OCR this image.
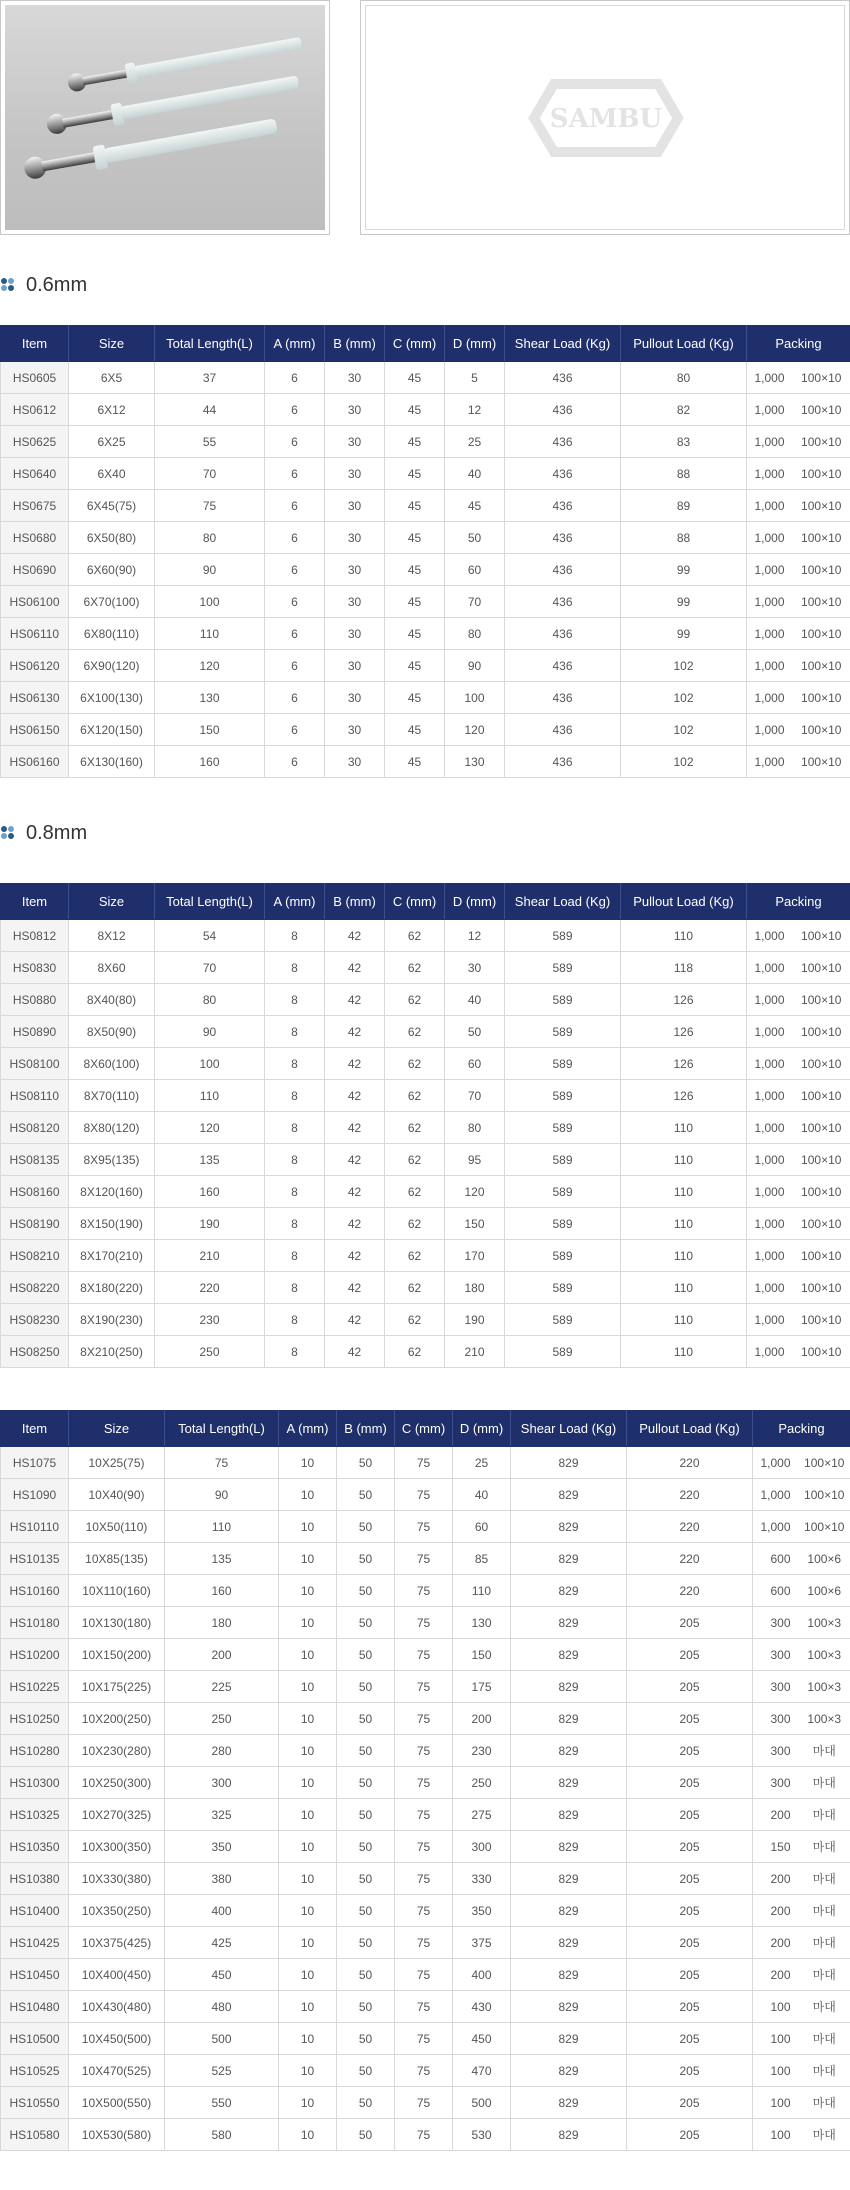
SAMBU
0.6mm
Item	Size	Total Length(L)	A (mm)	B (mm)	C (mm)	D (mm)	Shear Load (Kg)	Pullout Load (Kg)	Packing	
HS0605	6X5	37	6	30	45	5	436	80	1,000	100×10
HS0612	6X12	44	6	30	45	12	436	82	1,000	100×10
HS0625	6X25	55	6	30	45	25	436	83	1,000	100×10
HS0640	6X40	70	6	30	45	40	436	88	1,000	100×10
HS0675	6X45(75)	75	6	30	45	45	436	89	1,000	100×10
HS0680	6X50(80)	80	6	30	45	50	436	88	1,000	100×10
HS0690	6X60(90)	90	6	30	45	60	436	99	1,000	100×10
HS06100	6X70(100)	100	6	30	45	70	436	99	1,000	100×10
HS06110	6X80(110)	110	6	30	45	80	436	99	1,000	100×10
HS06120	6X90(120)	120	6	30	45	90	436	102	1,000	100×10
HS06130	6X100(130)	130	6	30	45	100	436	102	1,000	100×10
HS06150	6X120(150)	150	6	30	45	120	436	102	1,000	100×10
HS06160	6X130(160)	160	6	30	45	130	436	102	1,000	100×10
0.8mm
Item	Size	Total Length(L)	A (mm)	B (mm)	C (mm)	D (mm)	Shear Load (Kg)	Pullout Load (Kg)	Packing	
HS0812	8X12	54	8	42	62	12	589	110	1,000	100×10
HS0830	8X60	70	8	42	62	30	589	118	1,000	100×10
HS0880	8X40(80)	80	8	42	62	40	589	126	1,000	100×10
HS0890	8X50(90)	90	8	42	62	50	589	126	1,000	100×10
HS08100	8X60(100)	100	8	42	62	60	589	126	1,000	100×10
HS08110	8X70(110)	110	8	42	62	70	589	126	1,000	100×10
HS08120	8X80(120)	120	8	42	62	80	589	110	1,000	100×10
HS08135	8X95(135)	135	8	42	62	95	589	110	1,000	100×10
HS08160	8X120(160)	160	8	42	62	120	589	110	1,000	100×10
HS08190	8X150(190)	190	8	42	62	150	589	110	1,000	100×10
HS08210	8X170(210)	210	8	42	62	170	589	110	1,000	100×10
HS08220	8X180(220)	220	8	42	62	180	589	110	1,000	100×10
HS08230	8X190(230)	230	8	42	62	190	589	110	1,000	100×10
HS08250	8X210(250)	250	8	42	62	210	589	110	1,000	100×10
Item	Size	Total Length(L)	A (mm)	B (mm)	C (mm)	D (mm)	Shear Load (Kg)	Pullout Load (Kg)	Packing	
HS1075	10X25(75)	75	10	50	75	25	829	220	1,000	100×10
HS1090	10X40(90)	90	10	50	75	40	829	220	1,000	100×10
HS10110	10X50(110)	110	10	50	75	60	829	220	1,000	100×10
HS10135	10X85(135)	135	10	50	75	85	829	220	600	100×6
HS10160	10X110(160)	160	10	50	75	110	829	220	600	100×6
HS10180	10X130(180)	180	10	50	75	130	829	205	300	100×3
HS10200	10X150(200)	200	10	50	75	150	829	205	300	100×3
HS10225	10X175(225)	225	10	50	75	175	829	205	300	100×3
HS10250	10X200(250)	250	10	50	75	200	829	205	300	100×3
HS10280	10X230(280)	280	10	50	75	230	829	205	300	마대
HS10300	10X250(300)	300	10	50	75	250	829	205	300	마대
HS10325	10X270(325)	325	10	50	75	275	829	205	200	마대
HS10350	10X300(350)	350	10	50	75	300	829	205	150	마대
HS10380	10X330(380)	380	10	50	75	330	829	205	200	마대
HS10400	10X350(250)	400	10	50	75	350	829	205	200	마대
HS10425	10X375(425)	425	10	50	75	375	829	205	200	마대
HS10450	10X400(450)	450	10	50	75	400	829	205	200	마대
HS10480	10X430(480)	480	10	50	75	430	829	205	100	마대
HS10500	10X450(500)	500	10	50	75	450	829	205	100	마대
HS10525	10X470(525)	525	10	50	75	470	829	205	100	마대
HS10550	10X500(550)	550	10	50	75	500	829	205	100	마대
HS10580	10X530(580)	580	10	50	75	530	829	205	100	마대
